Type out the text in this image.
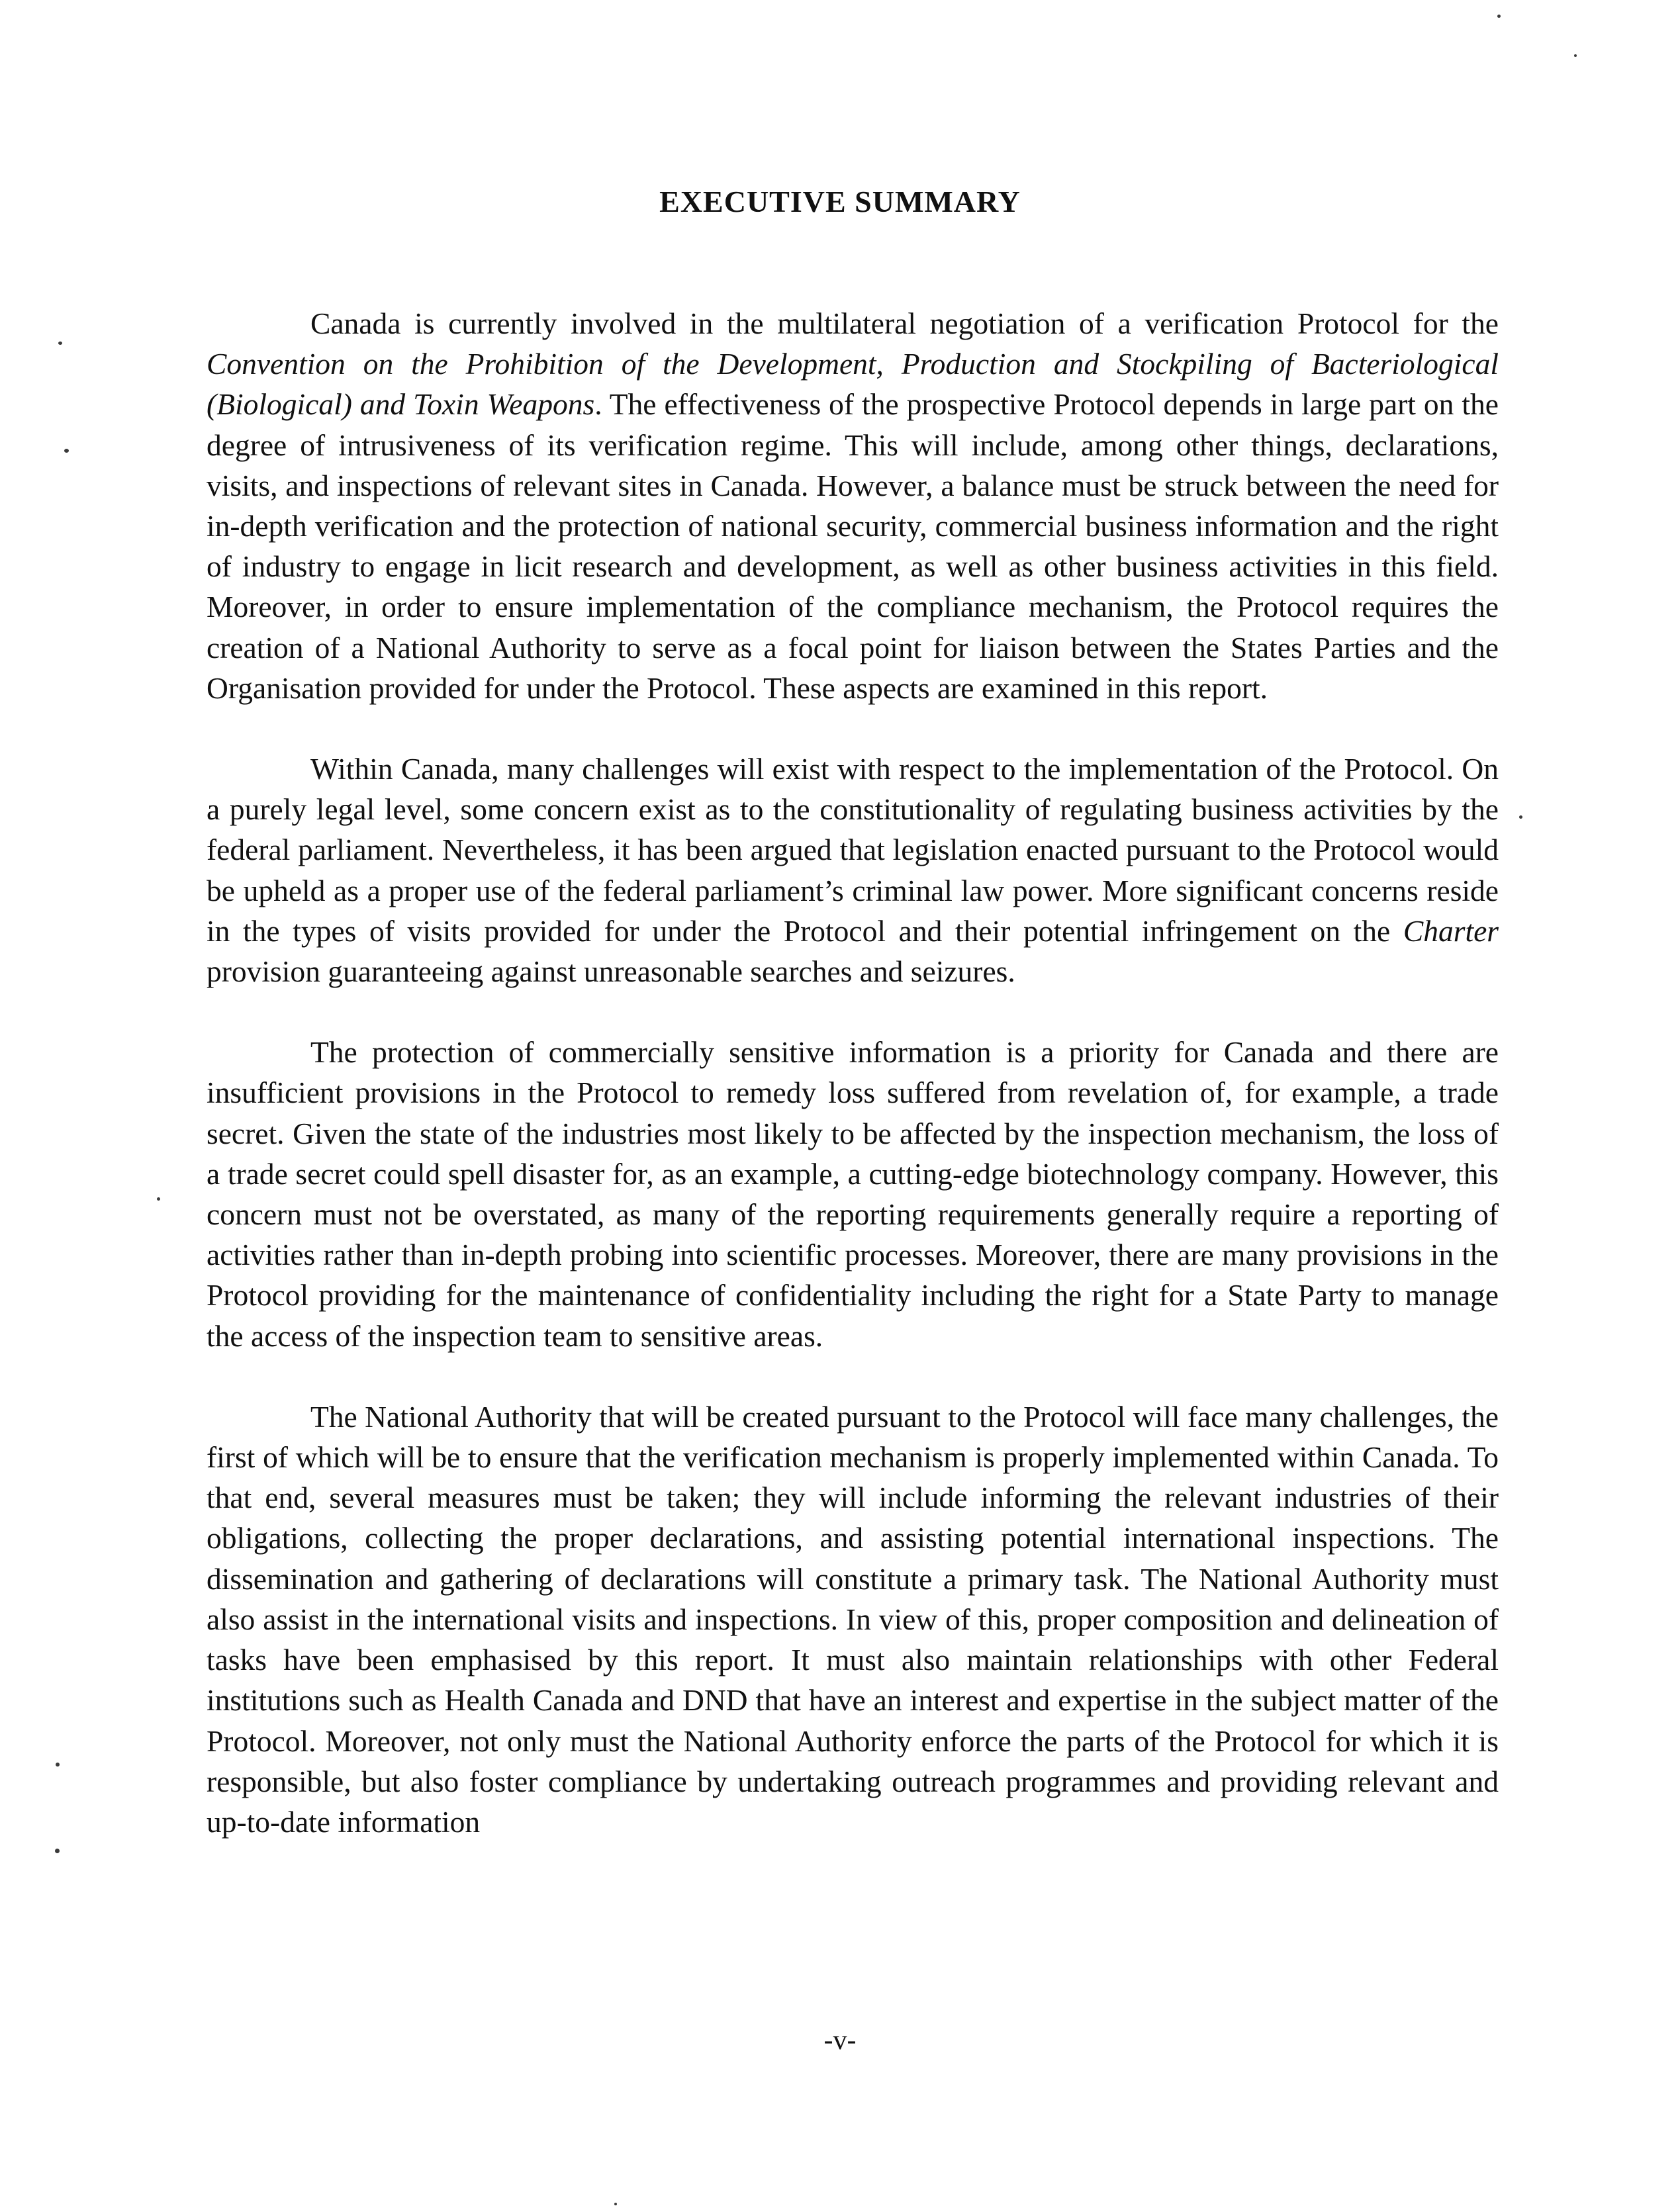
EXECUTIVE SUMMARY

Canada is currently involved in the multilateral negotiation of a verification Protocol for the Convention on the Prohibition of the Development, Production and Stockpiling of Bacteriological (Biological) and Toxin Weapons. The effectiveness of the prospective Protocol depends in large part on the degree of intrusiveness of its verification regime. This will include, among other things, declarations, visits, and inspections of relevant sites in Canada. However, a balance must be struck between the need for in-depth verification and the protection of national security, commercial business information and the right of industry to engage in licit research and development, as well as other business activities in this field. Moreover, in order to ensure implementation of the compliance mechanism, the Protocol requires the creation of a National Authority to serve as a focal point for liaison between the States Parties and the Organisation provided for under the Protocol. These aspects are examined in this report.

Within Canada, many challenges will exist with respect to the implementation of the Protocol. On a purely legal level, some concern exist as to the constitutionality of regulating business activities by the federal parliament. Nevertheless, it has been argued that legislation enacted pursuant to the Protocol would be upheld as a proper use of the federal parliament’s criminal law power. More significant concerns reside in the types of visits provided for under the Protocol and their potential infringement on the Charter provision guaranteeing against unreasonable searches and seizures.

The protection of commercially sensitive information is a priority for Canada and there are insufficient provisions in the Protocol to remedy loss suffered from revelation of, for example, a trade secret. Given the state of the industries most likely to be affected by the inspection mechanism, the loss of a trade secret could spell disaster for, as an example, a cutting-edge biotechnology company. However, this concern must not be overstated, as many of the reporting requirements generally require a reporting of activities rather than in-depth probing into scientific processes. Moreover, there are many provisions in the Protocol providing for the maintenance of confidentiality including the right for a State Party to manage the access of the inspection team to sensitive areas.

The National Authority that will be created pursuant to the Protocol will face many challenges, the first of which will be to ensure that the verification mechanism is properly implemented within Canada. To that end, several measures must be taken; they will include informing the relevant industries of their obligations, collecting the proper declarations, and assisting potential international inspections. The dissemination and gathering of declarations will constitute a primary task. The National Authority must also assist in the international visits and inspections. In view of this, proper composition and delineation of tasks have been emphasised by this report. It must also maintain relationships with other Federal institutions such as Health Canada and DND that have an interest and expertise in the subject matter of the Protocol. Moreover, not only must the National Authority enforce the parts of the Protocol for which it is responsible, but also foster compliance by undertaking outreach programmes and providing relevant and up-to-date information

-v-
